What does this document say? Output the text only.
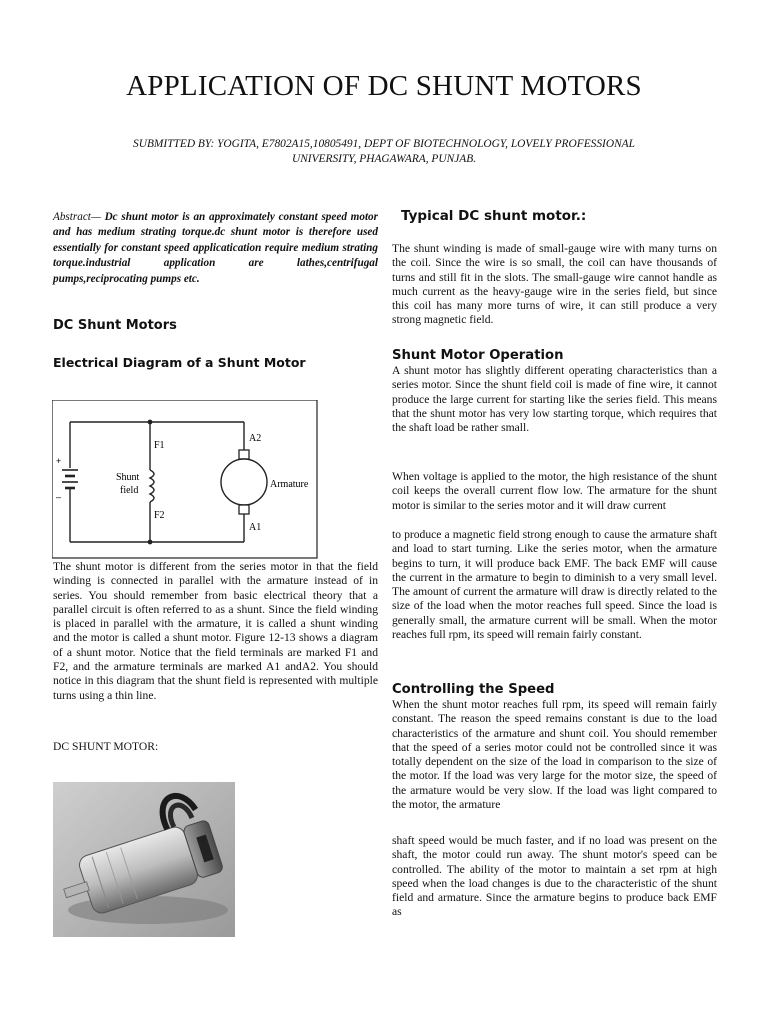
APPLICATION OF DC SHUNT MOTORS
SUBMITTED BY: YOGITA, E7802A15,10805491, DEPT OF BIOTECHNOLOGY, LOVELY PROFESSIONAL
UNIVERSITY, PHAGAWARA, PUNJAB.

Abstract— Dc shunt motor is an approximately constant speed motor and has medium strating torque.dc shunt motor is therefore used essentially for constant speed applicatication require medium strating torque.industrial application are lathes,centrifugal pumps,reciprocating pumps etc.

DC Shunt Motors
Electrical Diagram of a Shunt Motor
+
–
F1
F2
Shunt
field
A2
A1
Armature

The shunt motor is different from the series motor in that the field winding is connected in parallel with the armature instead of in series. You should remember from basic electrical theory that a parallel circuit is often referred to as a shunt. Since the field winding is placed in parallel with the armature, it is called a shunt winding and the motor is called a shunt motor. Figure 12-13 shows a diagram of a shunt motor. Notice that the field terminals are marked F1 and F2, and the armature terminals are marked A1 andA2. You should notice in this diagram that the shunt field is represented with multiple turns using a thin line.

DC SHUNT MOTOR:

Typical DC shunt motor.:

The shunt winding is made of small-gauge wire with many turns on the coil. Since the wire is so small, the coil can have thousands of turns and still fit in the slots. The small-gauge wire cannot handle as much current as the heavy-gauge wire in the series field, but since this coil has many more turns of wire, it can still produce a very strong magnetic field.

Shunt Motor Operation

A shunt motor has slightly different operating characteristics than a series motor. Since the shunt field coil is made of fine wire, it cannot produce the large current for starting like the series field. This means that the shunt motor has very low starting torque, which requires that the shaft load be rather small.

When voltage is applied to the motor, the high resistance of the shunt coil keeps the overall current flow low. The armature for the shunt motor is similar to the series motor and it will draw current

to produce a magnetic field strong enough to cause the armature shaft and load to start turning. Like the series motor, when the armature begins to turn, it will produce back EMF. The back EMF will cause the current in the armature to begin to diminish to a very small level. The amount of current the armature will draw is directly related to the size of the load when the motor reaches full speed. Since the load is generally small, the armature current will be small. When the motor reaches full rpm, its speed will remain fairly constant.

Controlling the Speed

When the shunt motor reaches full rpm, its speed will remain fairly constant. The reason the speed remains constant is due to the load characteristics of the armature and shunt coil. You should remember that the speed of a series motor could not be controlled since it was totally dependent on the size of the load in comparison to the size of the motor. If the load was very large for the motor size, the speed of the armature would be very slow. If the load was light compared to the motor, the armature

shaft speed would be much faster, and if no load was present on the shaft, the motor could run away. The shunt motor's speed can be controlled. The ability of the motor to maintain a set rpm at high speed when the load changes is due to the characteristic of the shunt field and armature. Since the armature begins to produce back EMF as
